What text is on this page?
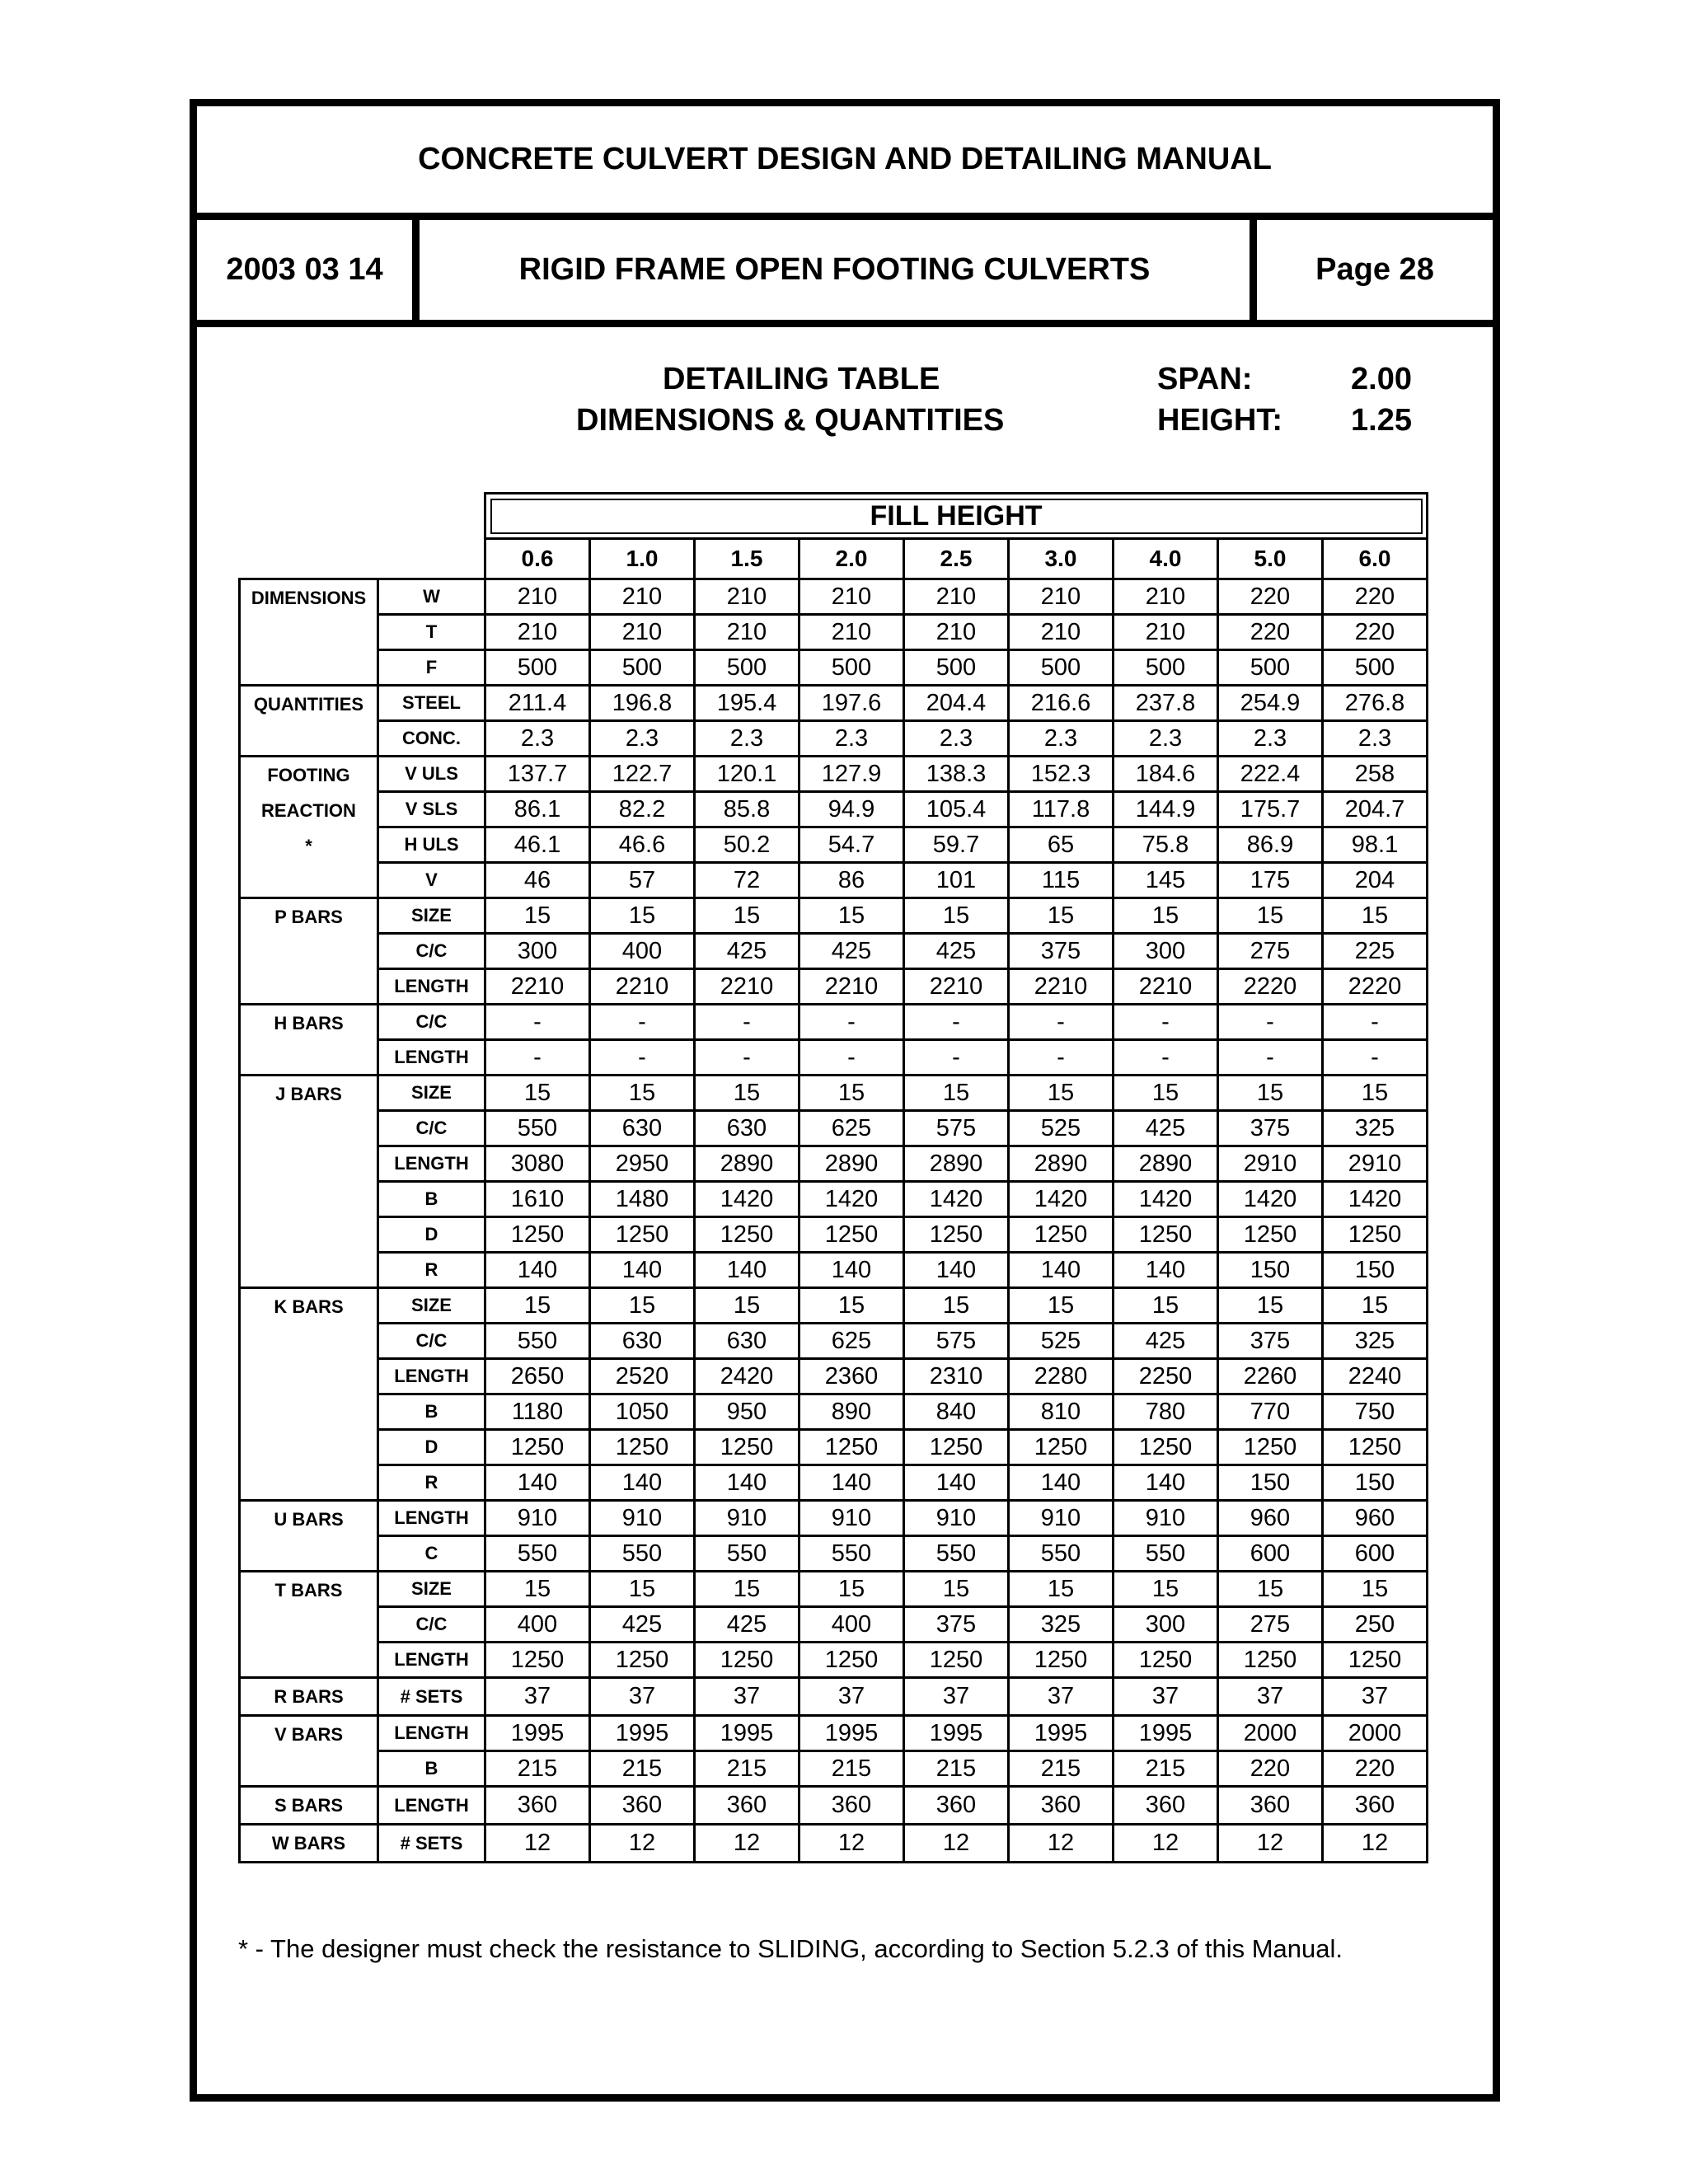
CONCRETE CULVERT DESIGN AND DETAILING MANUAL
2003 03 14	RIGID FRAME OPEN FOOTING CULVERTS	Page 28
DETAILING TABLE
DIMENSIONS & QUANTITIES
SPAN:	2.00
HEIGHT: 1.25
		FILL HEIGHT								
		0.6	1.0	1.5	2.0	2.5	3.0	4.0	5.0	6.0

DIMENSIONS	W	210	210	210	210	210	210	210	220	220
	T	210	210	210	210	210	210	210	220	220
	F	500	500	500	500	500	500	500	500	500

QUANTITIES	STEEL	211.4	196.8	195.4	197.6	204.4	216.6	237.8	254.9	276.8
	CONC.	2.3	2.3	2.3	2.3	2.3	2.3	2.3	2.3	2.3

FOOTING
REACTION
*	V ULS	137.7	122.7	120.1	127.9	138.3	152.3	184.6	222.4	258
	V SLS	86.1	82.2	85.8	94.9	105.4	117.8	144.9	175.7	204.7
	H ULS	46.1	46.6	50.2	54.7	59.7	65	75.8	86.9	98.1
	V	46	57	72	86	101	115	145	175	204

P BARS	SIZE	15	15	15	15	15	15	15	15	15
	C/C	300	400	425	425	425	375	300	275	225
	LENGTH	2210	2210	2210	2210	2210	2210	2210	2220	2220

H BARS	C/C	-	-	-	-	-	-	-	-	-
	LENGTH	-	-	-	-	-	-	-	-	-

J BARS	SIZE	15	15	15	15	15	15	15	15	15
	C/C	550	630	630	625	575	525	425	375	325
	LENGTH	3080	2950	2890	2890	2890	2890	2890	2910	2910
	B	1610	1480	1420	1420	1420	1420	1420	1420	1420
	D	1250	1250	1250	1250	1250	1250	1250	1250	1250
	R	140	140	140	140	140	140	140	150	150

K BARS	SIZE	15	15	15	15	15	15	15	15	15
	C/C	550	630	630	625	575	525	425	375	325
	LENGTH	2650	2520	2420	2360	2310	2280	2250	2260	2240
	B	1180	1050	950	890	840	810	780	770	750
	D	1250	1250	1250	1250	1250	1250	1250	1250	1250
	R	140	140	140	140	140	140	140	150	150

U BARS	LENGTH	910	910	910	910	910	910	910	960	960
	C	550	550	550	550	550	550	550	600	600

T BARS	SIZE	15	15	15	15	15	15	15	15	15
	C/C	400	425	425	400	375	325	300	275	250
	LENGTH	1250	1250	1250	1250	1250	1250	1250	1250	1250

R BARS	# SETS	37	37	37	37	37	37	37	37	37

V BARS	LENGTH	1995	1995	1995	1995	1995	1995	1995	2000	2000
	B	215	215	215	215	215	215	215	220	220

S BARS	LENGTH	360	360	360	360	360	360	360	360	360

W BARS	# SETS	12	12	12	12	12	12	12	12	12
* - The designer must check the resistance to SLIDING, according to Section 5.2.3 of this Manual.
